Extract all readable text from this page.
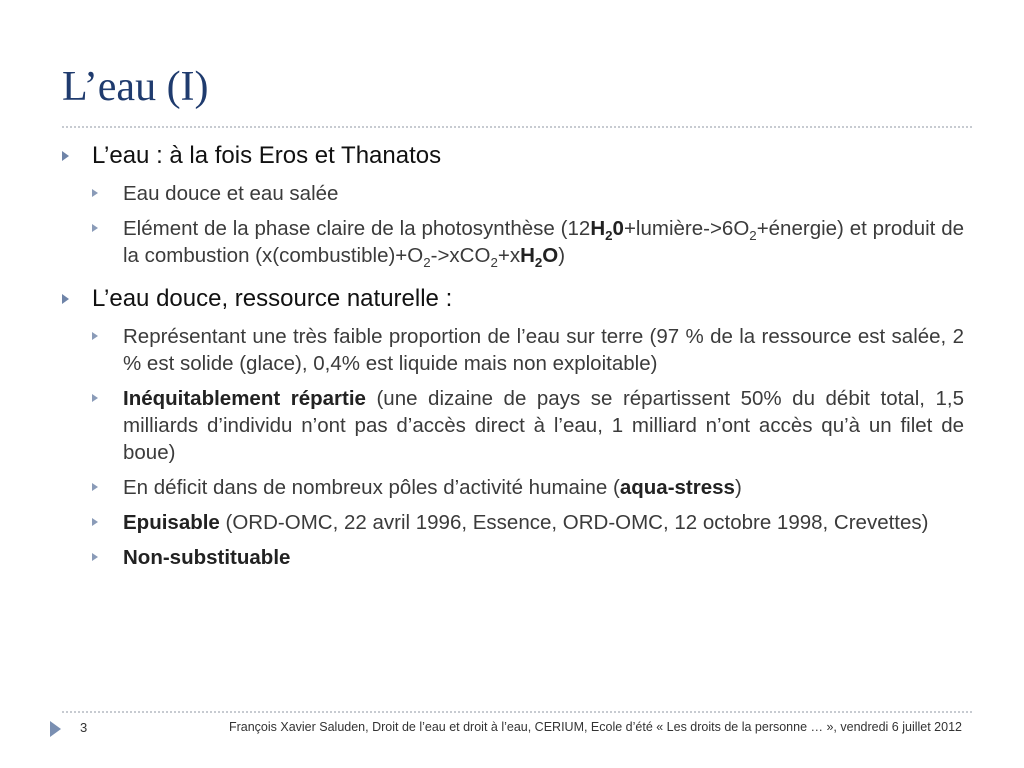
L’eau (I)
L’eau : à la fois Eros et Thanatos
Eau douce et eau salée
Elément de la phase claire de la photosynthèse $(12H_20+lumière->6O_2+énergie)$ et produit de la combustion $(x(combustible)+O_2->xCO_2+xH_2O)$
L’eau douce, ressource naturelle :
Représentant une très faible proportion de l’eau sur terre (97 % de la ressource est salée, 2 % est solide (glace), 0,4% est liquide mais non exploitable)
Inéquitablement répartie (une dizaine de pays se répartissent 50% du débit total, 1,5 milliards d’individu n’ont pas d’accès direct à l’eau, 1 milliard n’ont accès qu’à un filet de boue)
En déficit dans de nombreux pôles d’activité humaine (aqua-stress)
Epuisable (ORD-OMC, 22 avril 1996, Essence, ORD-OMC, 12 octobre 1998, Crevettes)
Non-substituable
3	François Xavier Saluden, Droit de l’eau et droit à l’eau, CERIUM, Ecole d’été « Les droits de la personne … », vendredi 6 juillet 2012
